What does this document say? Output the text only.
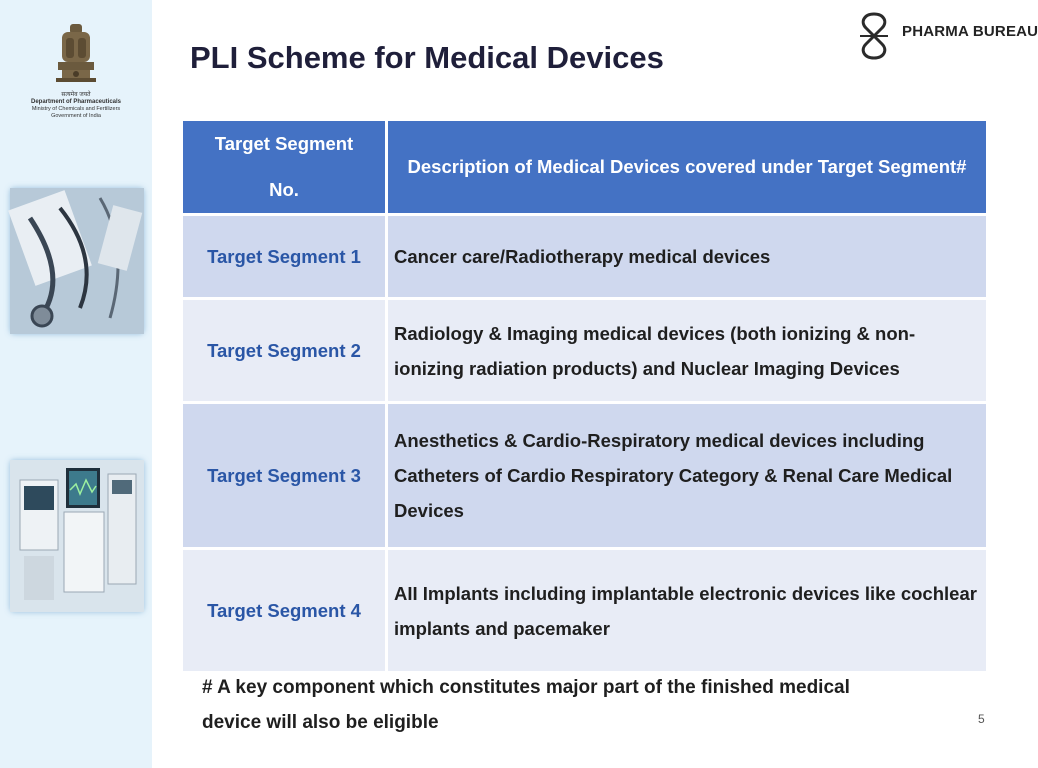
सत्यमेव जयते
Department of Pharmaceuticals
Ministry of Chemicals and Fertilizers
Government of India
PLI Scheme for Medical Devices
PHARMA BUREAU
Target Segment No.	Description of Medical Devices covered under Target Segment#
Target Segment 1	Cancer care/Radiotherapy medical devices
Target Segment 2	Radiology & Imaging medical devices (both ionizing & non-ionizing radiation products) and Nuclear Imaging Devices
Target Segment 3	Anesthetics & Cardio-Respiratory medical devices including Catheters of Cardio Respiratory Category & Renal Care Medical Devices
Target Segment 4	AII Implants including implantable electronic devices like cochlear implants and pacemaker
# A key component which constitutes major part of the finished medical device will also be eligible	5
